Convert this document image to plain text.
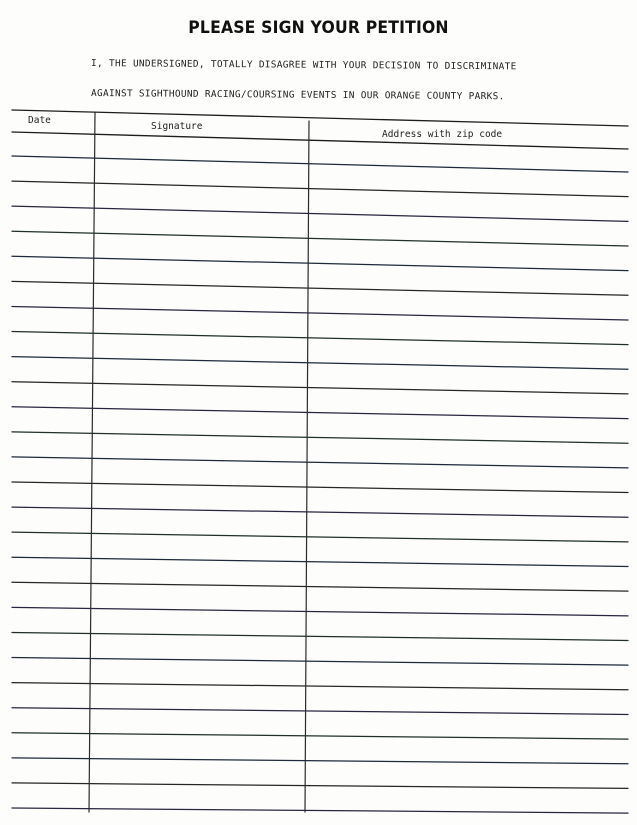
PLEASE SIGN YOUR PETITION
I, THE UNDERSIGNED, TOTALLY DISAGREE WITH YOUR DECISION TO DISCRIMINATE
AGAINST SIGHTHOUND RACING/COURSING EVENTS IN OUR ORANGE COUNTY PARKS.
Date
Signature
Address with zip code
